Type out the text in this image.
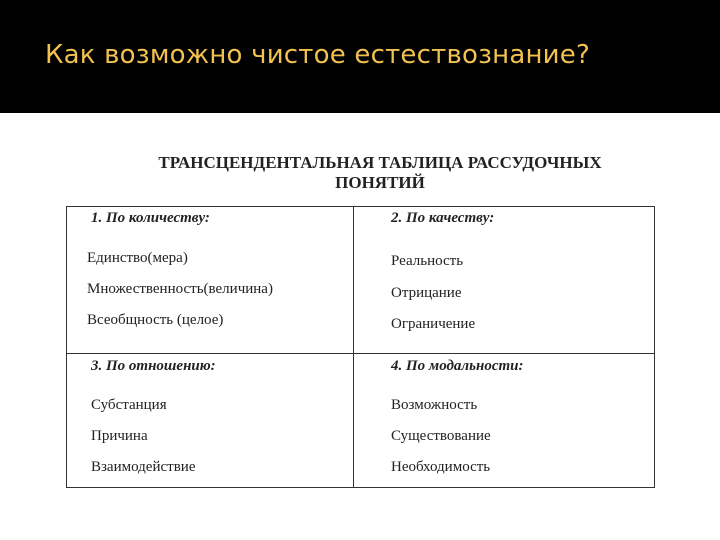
Как возможно чистое естествознание?
ТРАНСЦЕНДЕНТАЛЬНАЯ ТАБЛИЦА РАССУДОЧНЫХ
ПОНЯТИЙ
1. По количеству:
Единство(мера)
Множественность(величина)
Всеобщность (целое)
2. По качеству:
Реальность
Отрицание
Ограничение
3. По отношению:
Субстанция
Причина
Взаимодействие
4. По модальности:
Возможность
Существование
Необходимость
